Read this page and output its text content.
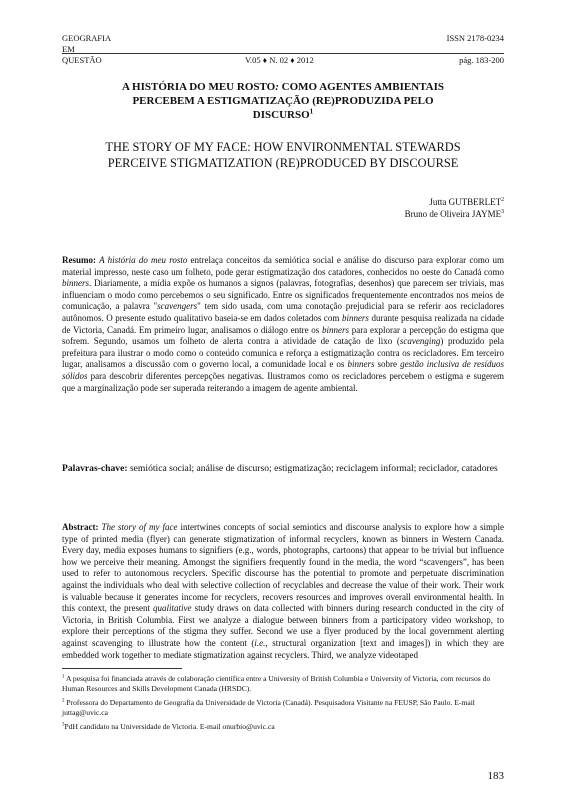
GEOGRAFIA
EM
QUESTÃO
ISSN 2178-0234
V.05 ♦ N. 02 ♦ 2012	pág. 183-200
A HISTÓRIA DO MEU ROSTO: COMO AGENTES AMBIENTAIS
PERCEBEM A ESTIGMATIZAÇÃO (RE)PRODUZIDA PELO
DISCURSO$^1$
THE STORY OF MY FACE: HOW ENVIRONMENTAL STEWARDS
PERCEIVE STIGMATIZATION (RE)PRODUCED BY DISCOURSE
Jutta GUTBERLET$^2$
Bruno de Oliveira JAYME$^3$

Resumo: A história do meu rosto entrelaça conceitos da semiótica social e análise do discurso para explorar como um material impresso, neste caso um folheto, pode gerar estigmatização dos catadores, conhecidos no oeste do Canadá como binners. Diariamente, a mídia expõe os humanos a signos (palavras, fotografias, desenhos) que parecem ser triviais, mas influenciam o modo como percebemos o seu significado. Entre os significados frequentemente encontrados nos meios de comunicação, a palavra "scavengers" tem sido usada, com uma conotação prejudicial para se referir aos recicladores autônomos. O presente estudo qualitativo baseia-se em dados coletados com binners durante pesquisa realizada na cidade de Victoria, Canadá. Em primeiro lugar, analisamos o diálogo entre os binners para explorar a percepção do estigma que sofrem. Segundo, usamos um folheto de alerta contra a atividade de catação de lixo (scavenging) produzido pela prefeitura para ilustrar o modo como o conteúdo comunica e reforça a estigmatização contra os recicladores. Em terceiro lugar, analisamos a discussão com o governo local, a comunidade local e os binners sobre gestão inclusiva de resíduos sólidos para descobrir diferentes percepções negativas. Ilustramos como os recicladores percebem o estigma e sugerem que a marginalização pode ser superada reiterando a imagem de agente ambiental.

Palavras-chave: semiótica social; análise de discurso; estigmatização; reciclagem informal; reciclador, catadores

Abstract: The story of my face intertwines concepts of social semiotics and discourse analysis to explore how a simple type of printed media (flyer) can generate stigmatization of informal recyclers, known as binners in Western Canada. Every day, media exposes humans to signifiers (e.g., words, photographs, cartoons) that appear to be trivial but influence how we perceive their meaning. Amongst the signifiers frequently found in the media, the word “scavengers”, has been used to refer to autonomous recyclers. Specific discourse has the potential to promote and perpetuate discrimination against the individuals who deal with selective collection of recyclables and decrease the value of their work. Their work is valuable because it generates income for recyclers, recovers resources and improves overall environmental health. In this context, the present qualitative study draws on data collected with binners during research conducted in the city of Victoria, in British Columbia. First we analyze a dialogue between binners from a participatory video workshop, to explore their perceptions of the stigma they suffer. Second we use a flyer produced by the local government alerting against scavenging to illustrate how the content (i.e., structural organization [text and images]) in which they are embedded work together to mediate stigmatization against recyclers. Third, we analyze videotaped

$^1$ A pesquisa foi financiada através de colaboração científica entre a University of British Columbia e University of Victoria, com recursos do Human Resources and Skills Development Canada (HRSDC).

$^2$ Professora do Departamento de Geografia da Universidade de Victoria (Canadá). Pesquisadora Visitante na FEUSP, São Paulo. E-mail juttag@uvic.ca

$^3$PdH candidato na Universidade de Victoria. E-mail onurbio@uvic.ca

183
